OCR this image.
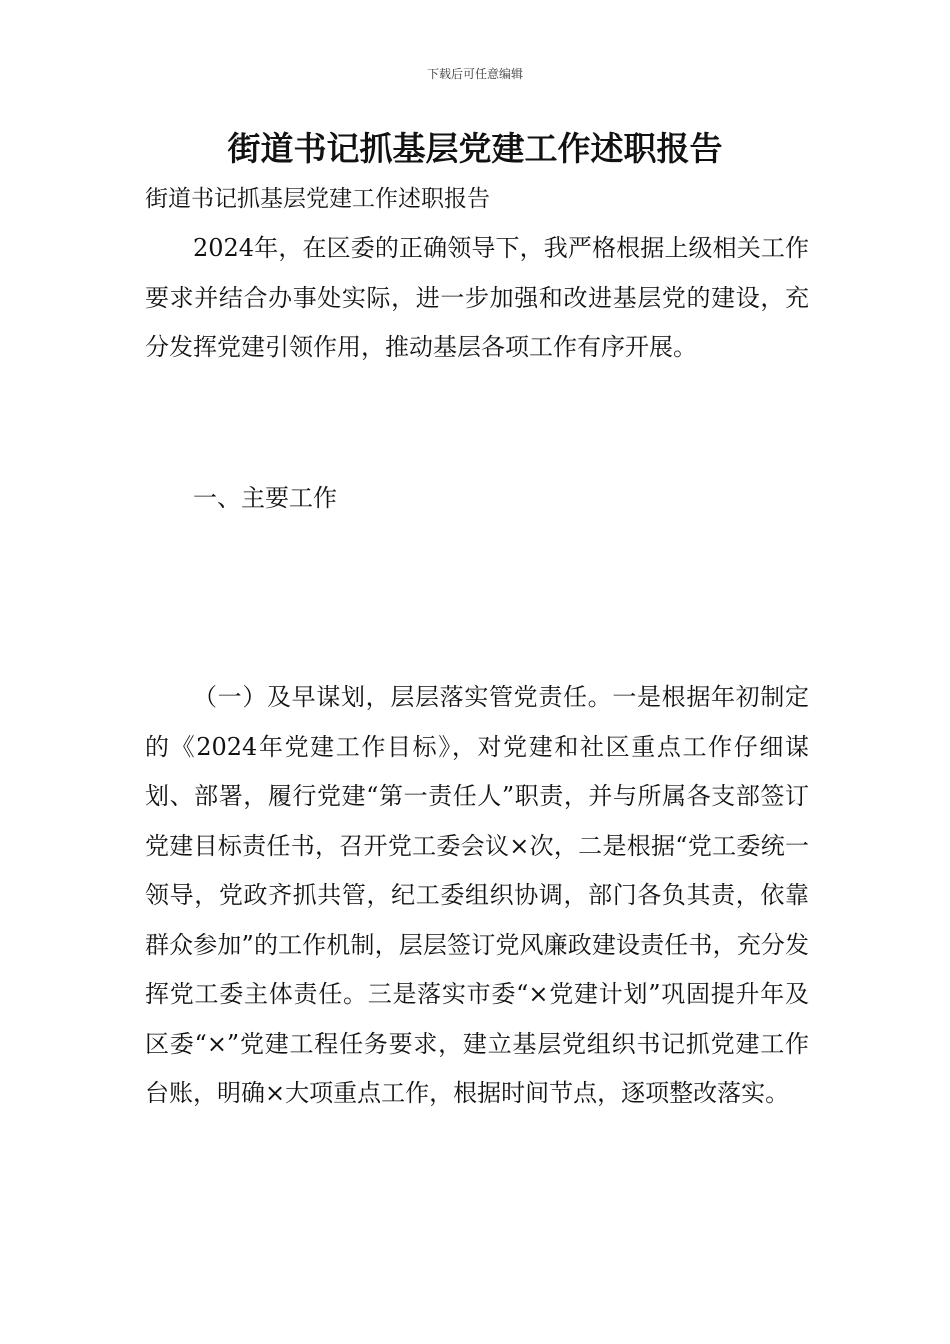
下载后可任意编辑
街道书记抓基层党建工作述职报告
街道书记抓基层党建工作述职报告

2024年，在区委的正确领导下，我严格根据上级相关工作要求并结合办事处实际，进一步加强和改进基层党的建设，充分发挥党建引领作用，推动基层各项工作有序开展。

一、主要工作

（一）及早谋划，层层落实管党责任。一是根据年初制定的《2024年党建工作目标》，对党建和社区重点工作仔细谋划、部署，履行党建“第一责任人”职责，并与所属各支部签订党建目标责任书，召开党工委会议×次，二是根据“党工委统一领导，党政齐抓共管，纪工委组织协调，部门各负其责，依靠群众参加”的工作机制，层层签订党风廉政建设责任书，充分发挥党工委主体责任。三是落实市委“×党建计划”巩固提升年及区委“×”党建工程任务要求，建立基层党组织书记抓党建工作台账，明确×大项重点工作，根据时间节点，逐项整改落实。
